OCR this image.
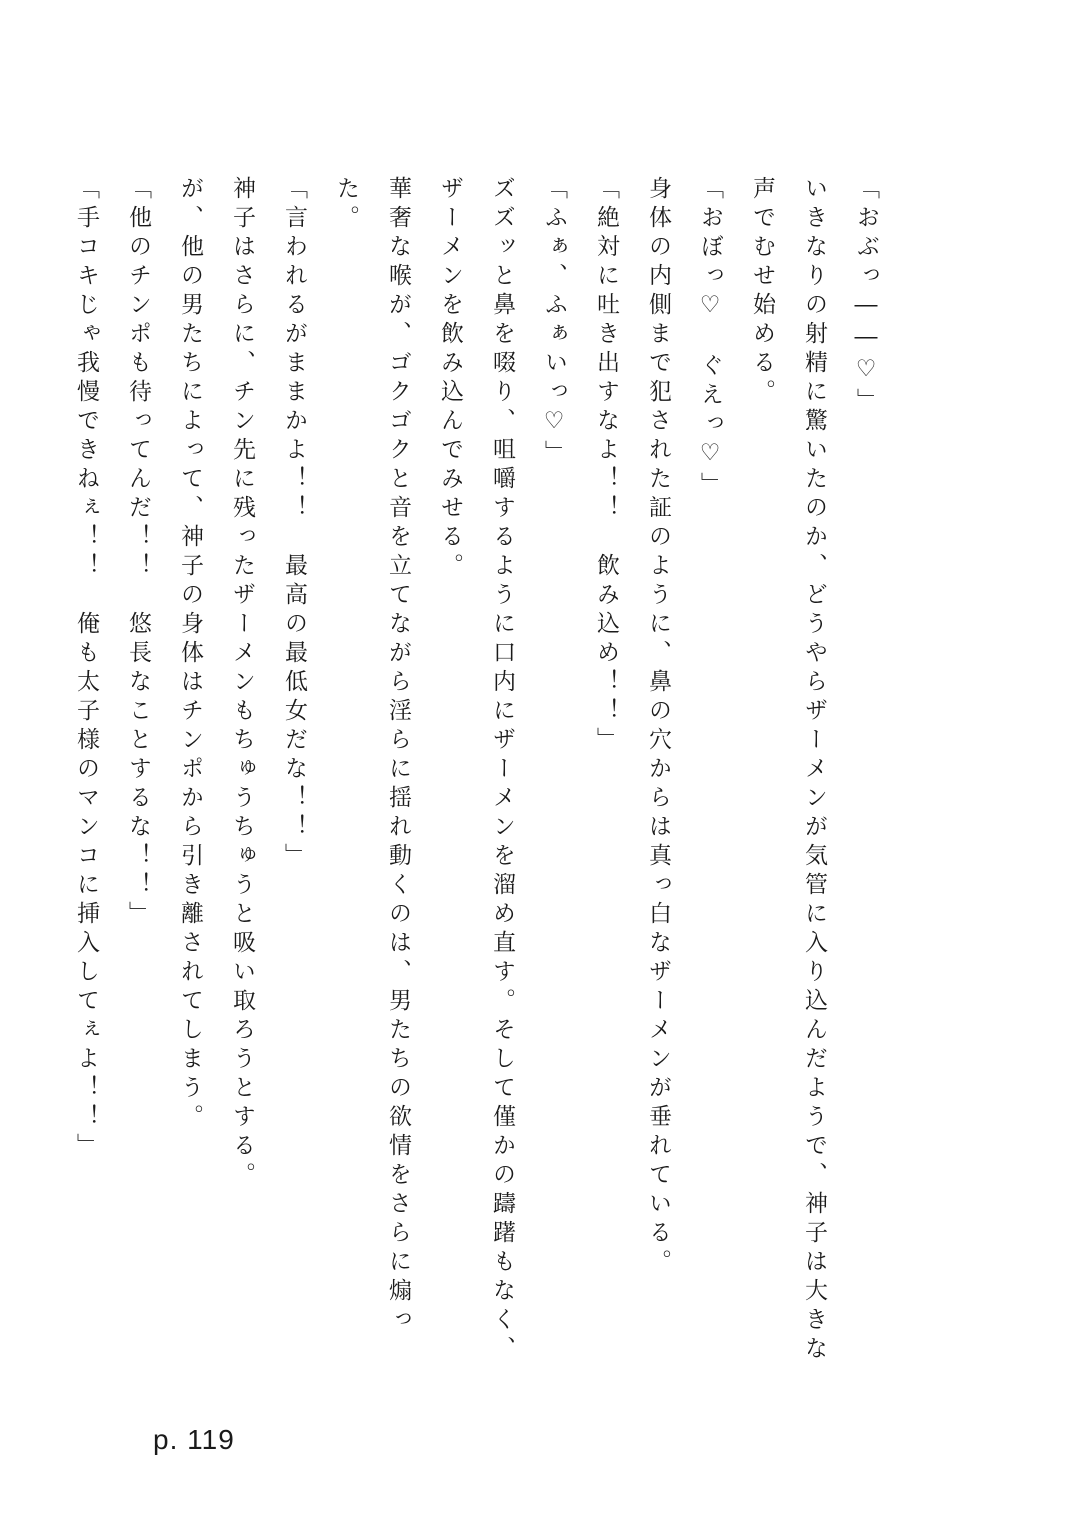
「おぶっ――♡」

いきなりの射精に驚いたのか、どうやらザーメンが気管に入り込んだようで、神子は大きな声でむせ始める。

「おぼっ♡　ぐえっ♡」

身体の内側まで犯された証のように、鼻の穴からは真っ白なザーメンが垂れている。

「絶対に吐き出すなよ！！　飲み込め！！」

「ふぁ、ふぁいっ♡」

ズズッと鼻を啜り、咀嚼するように口内にザーメンを溜め直す。そして僅かの躊躇もなく、ザーメンを飲み込んでみせる。

華奢な喉が、ゴクゴクと音を立てながら淫らに揺れ動くのは、男たちの欲情をさらに煽った。

「言われるがままかよ！！　最高の最低女だな！！」

神子はさらに、チン先に残ったザーメンもちゅうちゅうと吸い取ろうとする。

が、他の男たちによって、神子の身体はチンポから引き離されてしまう。

「他のチンポも待ってんだ！！　悠長なことするな！！」

「手コキじゃ我慢できねぇ！！　俺も太子様のマンコに挿入してぇよ！！」

p. 119
